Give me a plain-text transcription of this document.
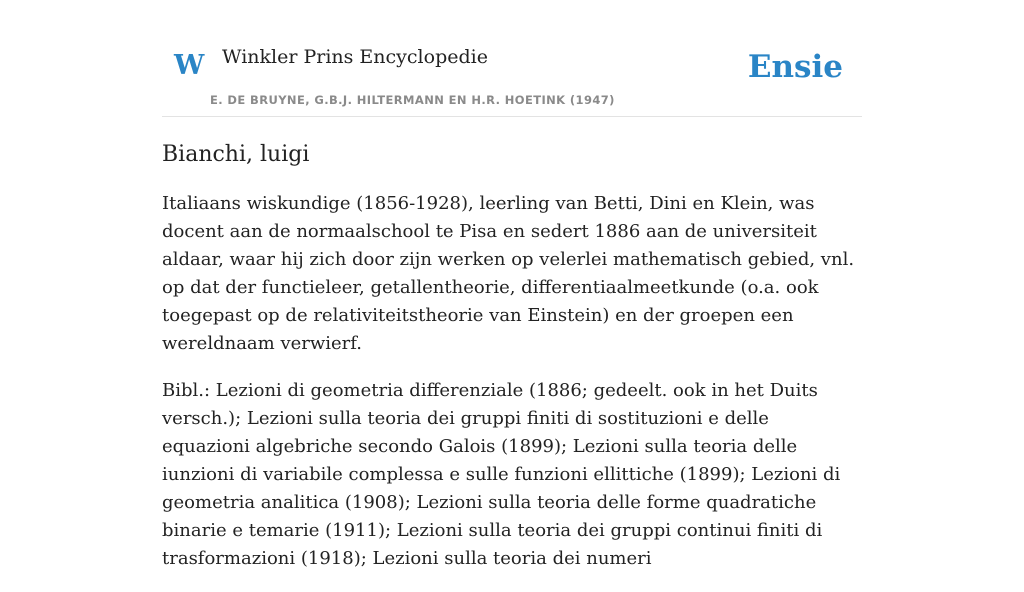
W Winkler Prins Encyclopedie
E. DE BRUYNE, G.B.J. HILTERMANN EN H.R. HOETINK (1947)
Ensie
Bianchi, luigi

Italiaans wiskundige (1856-1928), leerling van Betti, Dini en Klein, was docent aan de normaalschool te Pisa en sedert 1886 aan de universiteit aldaar, waar hij zich door zijn werken op velerlei mathematisch gebied, vnl. op dat der functieleer, getallentheorie, differentiaalmeetkunde (o.a. ook toegepast op de relativiteitstheorie van Einstein) en der groepen een wereldnaam verwierf.

Bibl.: Lezioni di geometria differenziale (1886; gedeelt. ook in het Duits versch.); Lezioni sulla teoria dei gruppi finiti di sostituzioni e delle equazioni algebriche secondo Galois (1899); Lezioni sulla teoria delle iunzioni di variabile complessa e sulle funzioni ellittiche (1899); Lezioni di geometria analitica (1908); Lezioni sulla teoria delle forme quadratiche binarie e temarie (1911); Lezioni sulla teoria dei gruppi continui finiti di trasformazioni (1918); Lezioni sulla teoria dei numeri
